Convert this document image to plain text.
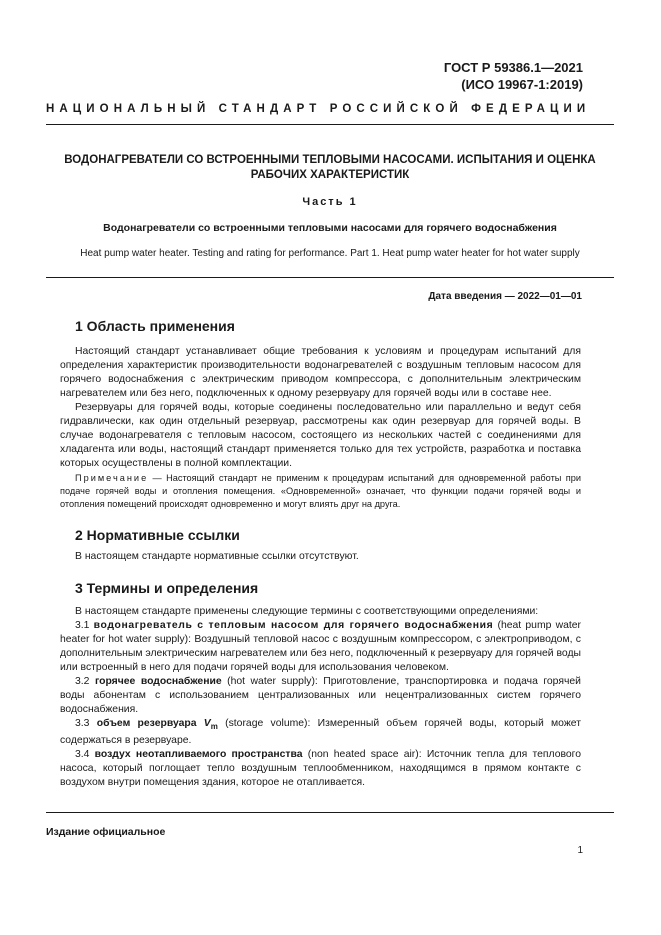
ГОСТ Р 59386.1—2021
(ИСО 19967-1:2019)
НАЦИОНАЛЬНЫЙ СТАНДАРТ РОССИЙСКОЙ ФЕДЕРАЦИИ
ВОДОНАГРЕВАТЕЛИ СО ВСТРОЕННЫМИ ТЕПЛОВЫМИ НАСОСАМИ. ИСПЫТАНИЯ И ОЦЕНКА
РАБОЧИХ ХАРАКТЕРИСТИК
Часть 1
Водонагреватели со встроенными тепловыми насосами для горячего водоснабжения
Heat pump water heater. Testing and rating for performance. Part 1. Heat pump water heater for hot water supply
Дата введения — 2022—01—01
1 Область применения

Настоящий стандарт устанавливает общие требования к условиям и процедурам испытаний для определения характеристик производительности водонагревателей с воздушным тепловым насосом для горячего водоснабжения с электрическим приводом компрессора, с дополнительным электрическим нагревателем или без него, подключенных к одному резервуару для горячей воды или в составе нее.

Резервуары для горячей воды, которые соединены последовательно или параллельно и ведут себя гидравлически, как один отдельный резервуар, рассмотрены как один резервуар для горячей воды. В случае водонагревателя с тепловым насосом, состоящего из нескольких частей с соединениями для хладагента или воды, настоящий стандарт применяется только для тех устройств, разработка и поставка которых осуществлены в полной комплектации.

Примечание — Настоящий стандарт не применим к процедурам испытаний для одновременной работы при подаче горячей воды и отопления помещения. «Одновременной» означает, что функции подачи горячей воды и отопления помещений происходят одновременно и могут влиять друг на друга.

2 Нормативные ссылки

В настоящем стандарте нормативные ссылки отсутствуют.

3 Термины и определения

В настоящем стандарте применены следующие термины с соответствующими определениями:

3.1 водонагреватель с тепловым насосом для горячего водоснабжения (heat pump water heater for hot water supply): Воздушный тепловой насос с воздушным компрессором, с электроприводом, с дополнительным электрическим нагревателем или без него, подключенный к резервуару для горячей воды или встроенный в него для подачи горячей воды для использования человеком.

3.2 горячее водоснабжение (hot water supply): Приготовление, транспортировка и подача горячей воды абонентам с использованием централизованных или нецентрализованных систем горячего водоснабжения.

3.3 объем резервуара $V_m$ (storage volume): Измеренный объем горячей воды, который может содержаться в резервуаре.

3.4 воздух неотапливаемого пространства (non heated space air): Источник тепла для теплового насоса, который поглощает тепло воздушным теплообменником, находящимся в прямом контакте с воздухом внутри помещения здания, которое не отапливается.

Издание официальное
1
